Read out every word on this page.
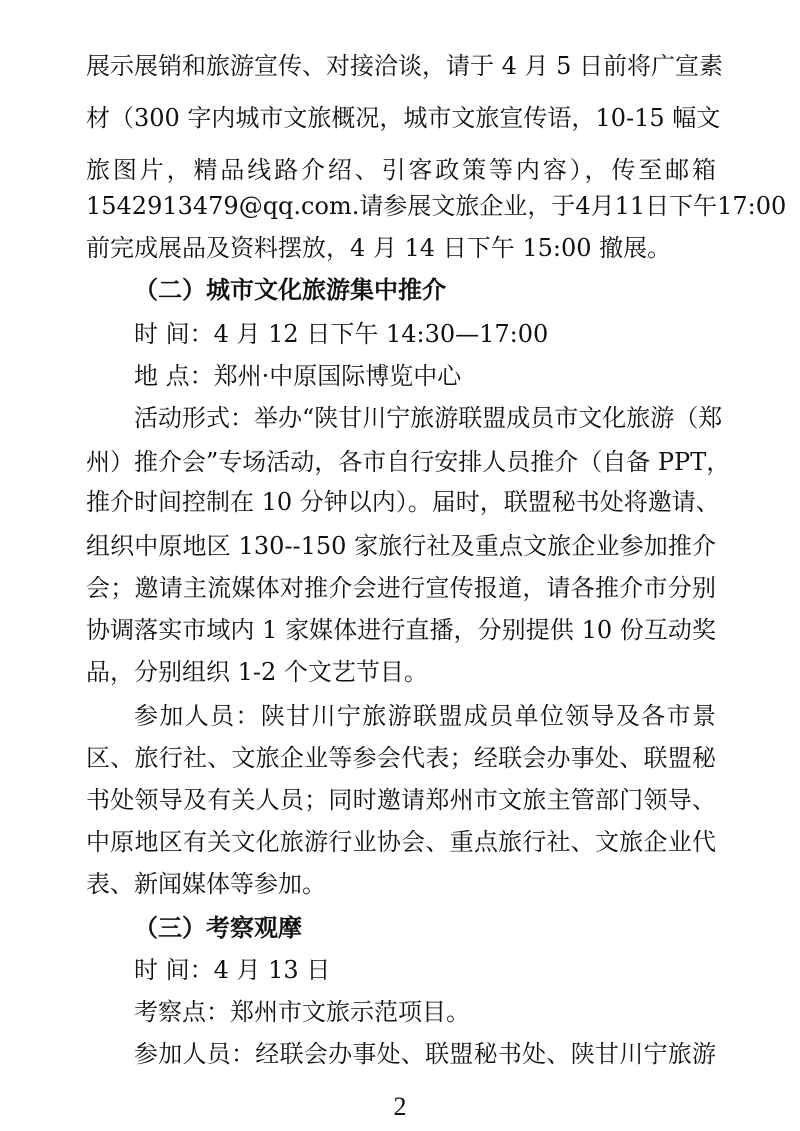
展示展销和旅游宣传、对接洽谈，请于 4 月 5 日前将广宣素
材（300 字内城市文旅概况，城市文旅宣传语，10-15 幅文
旅图片，精品线路介绍、引客政策等内容），传至邮箱
1542913479@qq.com.请参展文旅企业，于4月11日下午17:00
前完成展品及资料摆放，4 月 14 日下午 15:00 撤展。
（二）城市文化旅游集中推介
时 间：4 月 12 日下午 14:30—17:00
地 点：郑州·中原国际博览中心
活动形式：举办“陕甘川宁旅游联盟成员市文化旅游（郑
州）推介会”专场活动，各市自行安排人员推介（自备 PPT，
推介时间控制在 10 分钟以内）。届时，联盟秘书处将邀请、
组织中原地区 130--150 家旅行社及重点文旅企业参加推介
会；邀请主流媒体对推介会进行宣传报道，请各推介市分别
协调落实市域内 1 家媒体进行直播，分别提供 10 份互动奖
品，分别组织 1-2 个文艺节目。
参加人员：陕甘川宁旅游联盟成员单位领导及各市景
区、旅行社、文旅企业等参会代表；经联会办事处、联盟秘
书处领导及有关人员；同时邀请郑州市文旅主管部门领导、
中原地区有关文化旅游行业协会、重点旅行社、文旅企业代
表、新闻媒体等参加。
（三）考察观摩
时 间：4 月 13 日
考察点：郑州市文旅示范项目。
参加人员：经联会办事处、联盟秘书处、陕甘川宁旅游
2
